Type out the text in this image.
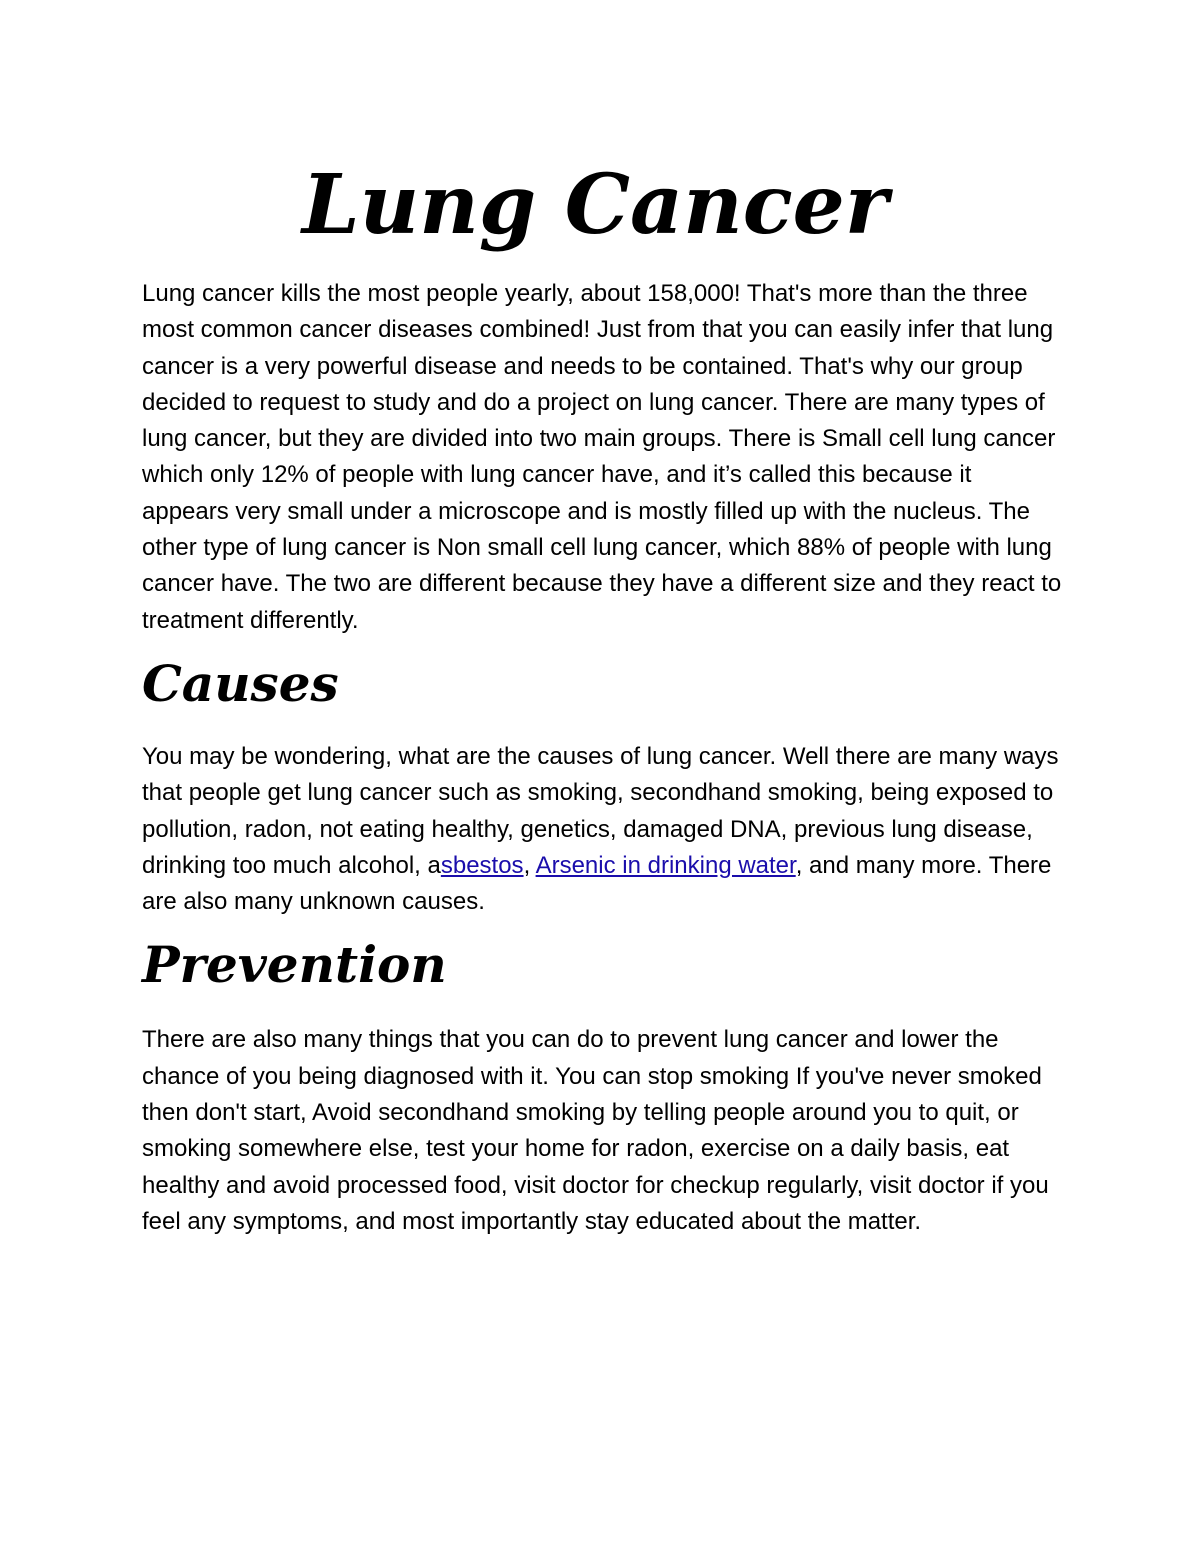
Lung Cancer

Lung cancer kills the most people yearly, about 158,000! That's more than the three most common cancer diseases combined! Just from that you can easily infer that lung cancer is a very powerful disease and needs to be contained. That's why our group decided to request to study and do a project on lung cancer. There are many types of lung cancer, but they are divided into two main groups. There is Small cell lung cancer which only 12% of people with lung cancer have, and it’s called this because it appears very small under a microscope and is mostly filled up with the nucleus. The other type of lung cancer is Non small cell lung cancer, which 88% of people with lung cancer have. The two are different because they have a different size and they react to treatment differently.

Causes

You may be wondering, what are the causes of lung cancer. Well there are many ways that people get lung cancer such as smoking, secondhand smoking, being exposed to pollution, radon, not eating healthy, genetics, damaged DNA, previous lung disease, drinking too much alcohol, asbestos, Arsenic in drinking water, and many more. There are also many unknown causes.

Prevention

There are also many things that you can do to prevent lung cancer and lower the chance of you being diagnosed with it. You can stop smoking If you've never smoked then don't start, Avoid secondhand smoking by telling people around you to quit, or smoking somewhere else, test your home for radon, exercise on a daily basis, eat healthy and avoid processed food, visit doctor for checkup regularly, visit doctor if you feel any symptoms, and most importantly stay educated about the matter.
